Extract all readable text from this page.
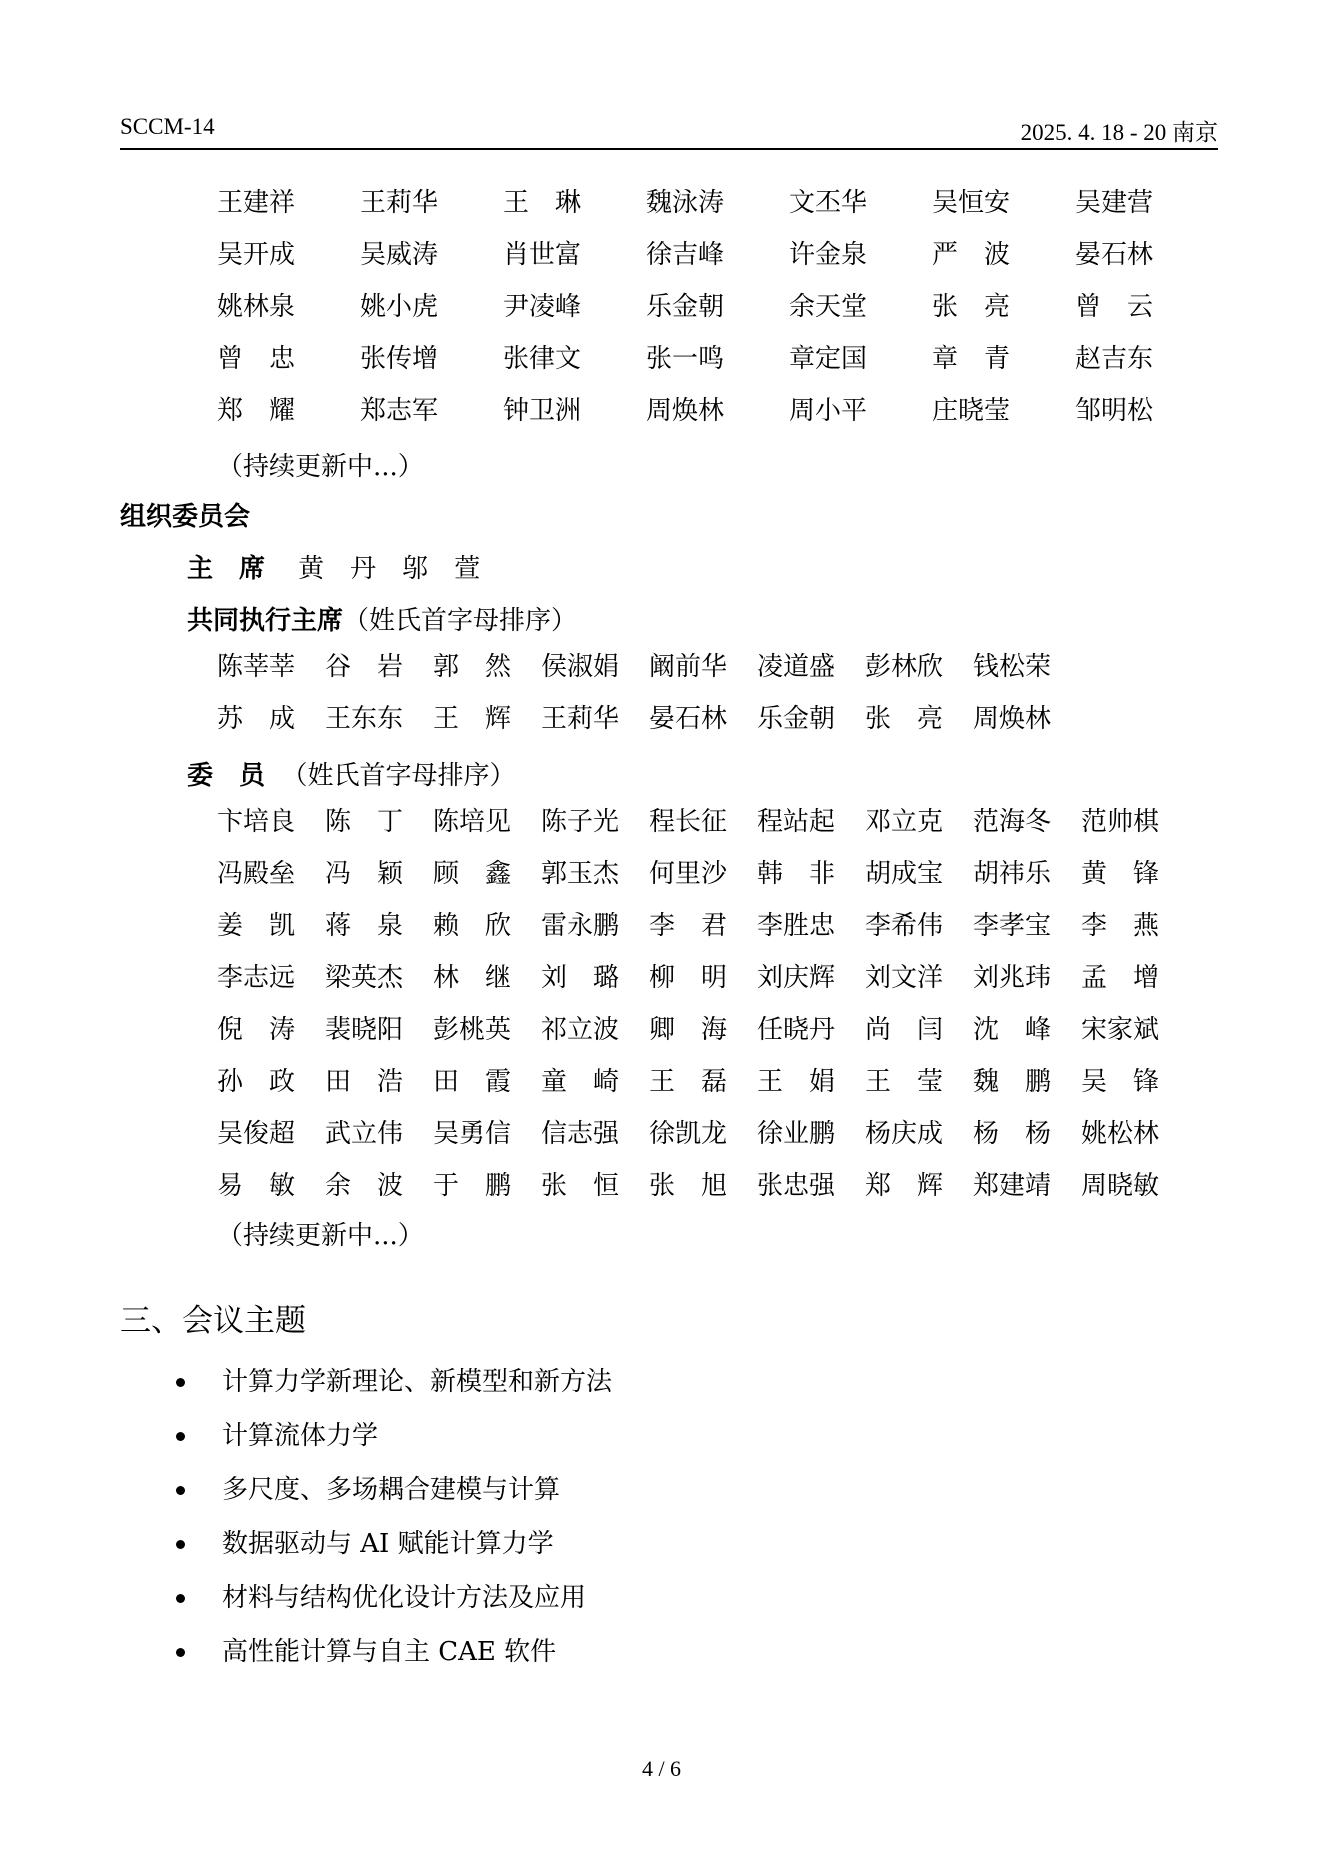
SCCM-14	2025. 4. 18 - 20 南京
王建祥	王莉华	王　琳	魏泳涛	文丕华	吴恒安	吴建营
吴开成	吴威涛	肖世富	徐吉峰	许金泉	严　波	晏石林
姚林泉	姚小虎	尹凌峰	乐金朝	余天堂	张　亮	曾　云
曾　忠	张传增	张律文	张一鸣	章定国	章　青	赵吉东
郑　耀	郑志军	钟卫洲	周焕林	周小平	庄晓莹	邹明松
（持续更新中...）
组织委员会
主　席 黄　丹　邬　萱
共同执行主席（姓氏首字母排序）
陈莘莘	谷　岩	郭　然	侯淑娟	阚前华	凌道盛	彭林欣	钱松荣
苏　成	王东东	王　辉	王莉华	晏石林	乐金朝	张　亮	周焕林
委　员 （姓氏首字母排序）
卞培良	陈　丁	陈培见	陈子光	程长征	程站起	邓立克	范海冬	范帅棋
冯殿垒	冯　颖	顾　鑫	郭玉杰	何里沙	韩　非	胡成宝	胡祎乐	黄　锋
姜　凯	蒋　泉	赖　欣	雷永鹏	李　君	李胜忠	李希伟	李孝宝	李　燕
李志远	梁英杰	林　继	刘　璐	柳　明	刘庆辉	刘文洋	刘兆玮	孟　增
倪　涛	裴晓阳	彭桃英	祁立波	卿　海	任晓丹	尚　闫	沈　峰	宋家斌
孙　政	田　浩	田　霞	童　崎	王　磊	王　娟	王　莹	魏　鹏	吴　锋
吴俊超	武立伟	吴勇信	信志强	徐凯龙	徐业鹏	杨庆成	杨　杨	姚松林
易　敏	余　波	于　鹏	张　恒	张　旭	张忠强	郑　辉	郑建靖	周晓敏
（持续更新中...）
三、会议主题
计算力学新理论、新模型和新方法
计算流体力学
多尺度、多场耦合建模与计算
数据驱动与 AI 赋能计算力学
材料与结构优化设计方法及应用
高性能计算与自主 CAE 软件
4 / 6
